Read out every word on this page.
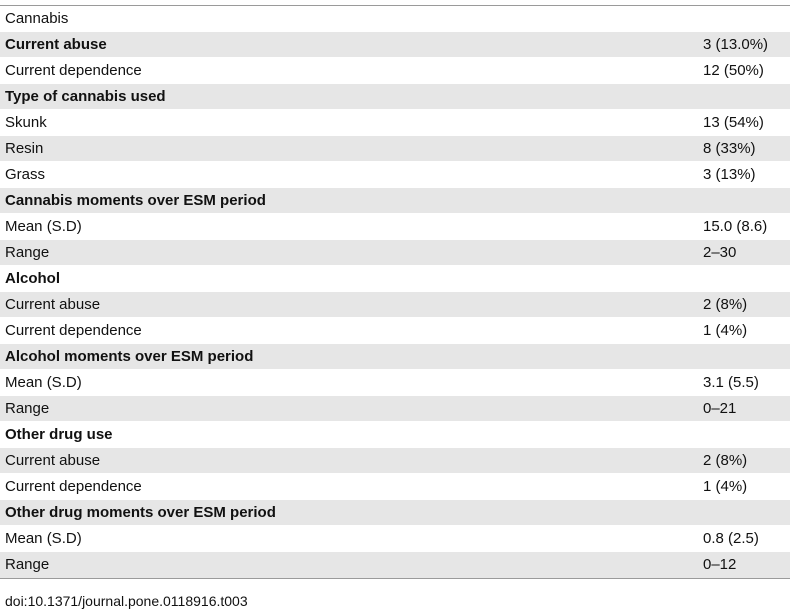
Cannabis
Current abuse	3 (13.0%)
Current dependence	12 (50%)
Type of cannabis used
Skunk	13 (54%)
Resin	8 (33%)
Grass	3 (13%)
Cannabis moments over ESM period
Mean (S.D)	15.0 (8.6)
Range	2–30
Alcohol
Current abuse	2 (8%)
Current dependence	1 (4%)
Alcohol moments over ESM period
Mean (S.D)	3.1 (5.5)
Range	0–21
Other drug use
Current abuse	2 (8%)
Current dependence	1 (4%)
Other drug moments over ESM period
Mean (S.D)	0.8 (2.5)
Range	0–12
doi:10.1371/journal.pone.0118916.t003
